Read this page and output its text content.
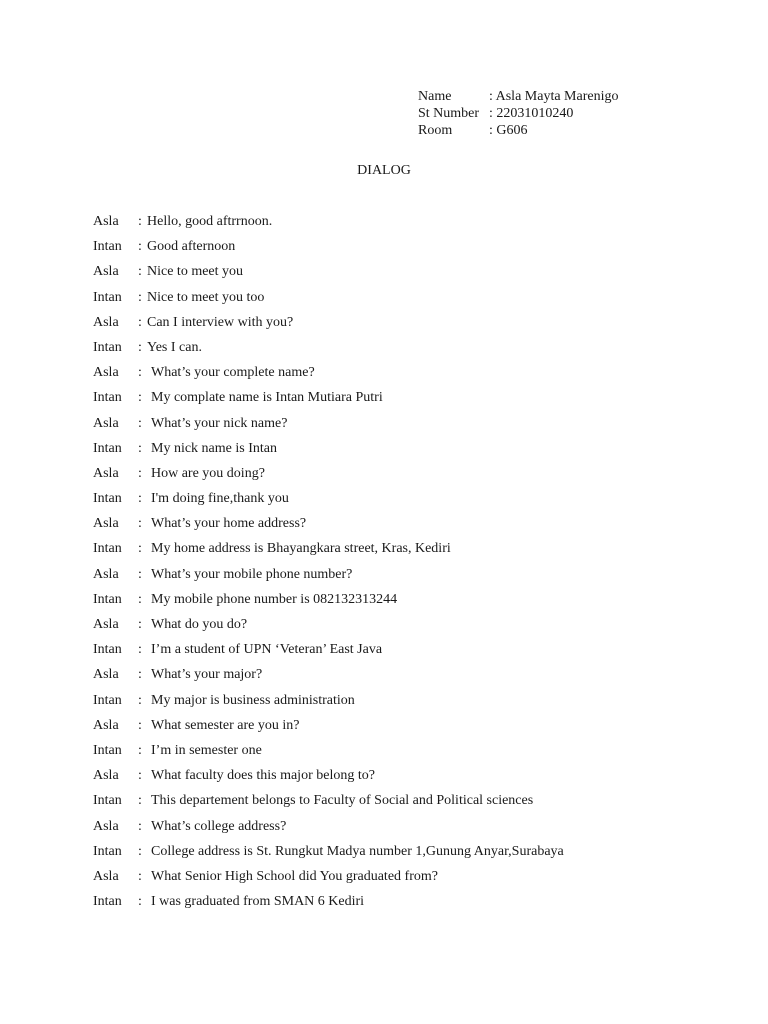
Name	: Asla Mayta Marenigo
St Number : 22031010240
Room	: G606
DIALOG
Asla	: Hello, good aftrrnoon.
Intan	: Good afternoon
Asla	: Nice to meet you
Intan	: Nice to meet you too
Asla	: Can I interview with you?
Intan	: Yes I can.
Asla	: What’s your complete name?
Intan	: My complate name is Intan Mutiara Putri
Asla	: What’s your nick name?
Intan	: My nick name is Intan
Asla	: How are you doing?
Intan	: I'm doing fine,thank you
Asla	: What’s your home address?
Intan	: My home address is Bhayangkara street, Kras, Kediri
Asla	: What’s your mobile phone number?
Intan	: My mobile phone number is 082132313244
Asla	: What do you do?
Intan	: I’m a student of UPN ‘Veteran’ East Java
Asla	: What’s your major?
Intan	: My major is business administration
Asla	: What semester are you in?
Intan	: I’m in semester one
Asla	: What faculty does this major belong to?
Intan	: This departement belongs to Faculty of Social and Political sciences
Asla	: What’s college address?
Intan	: College address is St. Rungkut Madya number 1,Gunung Anyar,Surabaya
Asla	: What Senior High School did You graduated from?
Intan	: I was graduated from SMAN 6 Kediri
